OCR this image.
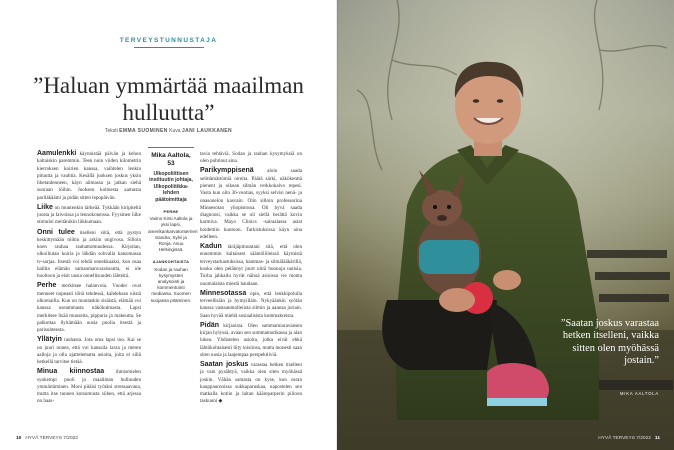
TERVEYSTUNNUSTAJA
”Haluan ymmärtää maailman hulluutta”
Teksti EMMA SUOMINEN Kuva JANI LAUKKANEN

Aamulenkki käynnistää päivän ja kehon kaltaiskin paremmin. Teen noin viiden kilometrin kierroksen koirien kanssa, vaihtelen lenkin pituutta ja vauhtia. Kesällä juoksen joskus yksin lihetanlenneen, käyn aiimassa ja jatkan siehä suoraan töihin. Juoksen kolmesta aamusta pariläkäämi ja pidän sitten lepopäivän.

Liike on muutenkin tärkeää. Tykkään kiripiteltä juosta ja laivoissa ja lennokoneissa. Fyysinen liike stimuloi meitänikin liikkumaan.

Onni tulee itselleni siitä, että pystyn keskittymään töihin ja arkiin ongivosa. Silloin koen rauhaa rauhattomuudessa. Kirjoitan, ulkoiliutan koiria ja lähdän sohvalla katsomassa tv-sarjaa. Itsestä voi tehdä onnekkaaksi, kun osaa hallita elämän samanmanvaraisuutta, ei ole huoltoon ja eisit uusia onnellisuuden lähteitä.

Perhe merkitsee halanvoia. Vuoder ovat menneet nopeasti töitä tehdessä, kahdeksan niistä ulkomailla. Kun on muutaskin sisäistä, elämää voi kanssa useammasta näkökulmasta. Lapsi merkitsee lisää muuseita, pippuria ja makeutta. Se palkottaa llyitämään uusia puolia itsestä ja parisuhteesta.

Yllätyin rauhasta. Jota oma lapsi tuo. Kai se on juuri onnea, että voi kanssila laxta ja meren aalloja ja olla ajattelematta asioita, joita ei sillä hetkellä tarvitse tietää.

Minua kiinnostaa ihmismielen synkempi puoli ja maailman hulluuden ymmärtäminen. Moni pitäisi työtäni stressaavana, mutta itse tunnen kutsumusta siihen, että arjessa on haas-

Mika Aaltola, 53
Ulkopoliittisen instituutin johtaja, Ulkopoliitikka-lehden päätoimittaja
PERHE
Vaimo Kirsi Aaltola ja yksi lapsi, amerikankarvatonterrieri Sandra, Sylvi ja Ronja. Asuu Helsingissä.
AJANKOHTAISTA
Sodan ja rauhan kysymysten analysointi ja kommentointi mediassa. Suomen suojassa pitäminen.

tavia tehtäviä. Sodan ja rauhan kysymyksiä on olen pohtinut aina.

Parikymppisenä	aloin saada selittämättömiä oireita. Päätä särki, näkökenttä pienent ja oikean silmän verkkokalvo repesi. Vasta kun olin 36-vuotias, syyksi selvisi nenä- ja onasonelon kasvain. Olin silloin professorina Minnesotan yliopistossa. Oli hyvä saada diagnoosi, vaikka se oli siellä herättä kovin karmiva. Mayo Clinics -sairaalassa astat hoidettiin kuntoon. Tarkistuksissa käyn aina edelleen.

Kadun täräjäpituuntani sitä, että olen ennemmin kaltaisest sääntöliileissä käymistä terveystarkastuksissa, hammas- ja silmälääkärillä, koska olen pelännyt juurt niitä huonoja uutisia. Turha jahkailu hyvät näissä asioissa vie monta uuomalaista miestä haudaan.

Minnesotassa opin, että lenkkipolulla terveellisiän ja hymyilläin. Nykyäänkin syötän kanssa vastaanmolleiista silmin ja aaneaa joriain. Saan hyvää mieltä sosiaalisista kommakreista.

Pidän kirjaoista. Olen sammamiaravansen kirjan hylyssä, avaan sen summamutikassa ja alan lukea. Yhdistelen asioita, jotka eivät ehkä lähtökohtaisesti liity toisiinsa, mutta monesti saan siten uusia ja laajempaa perspektiiviä.

Saatan joskus varastaa hetken itselleni ja vain pysähtyä, vaikka olen siten myöhässä joskin. Vähän samasta on kyse, kun osran kauppaurnoissa sukkaparuskaa, napostelen sen matkalla kotiin ja laitan kääreparperin piiloon taskuuni ◆

10 HYVÄ TERVEYS 7/2022
”Saatan joskus varastaa hetken itselleni, vaikka sitten olen myöhässä jostain.”
MIKA AALTOLA
HYVÄ TERVEYS 7/2022 11
